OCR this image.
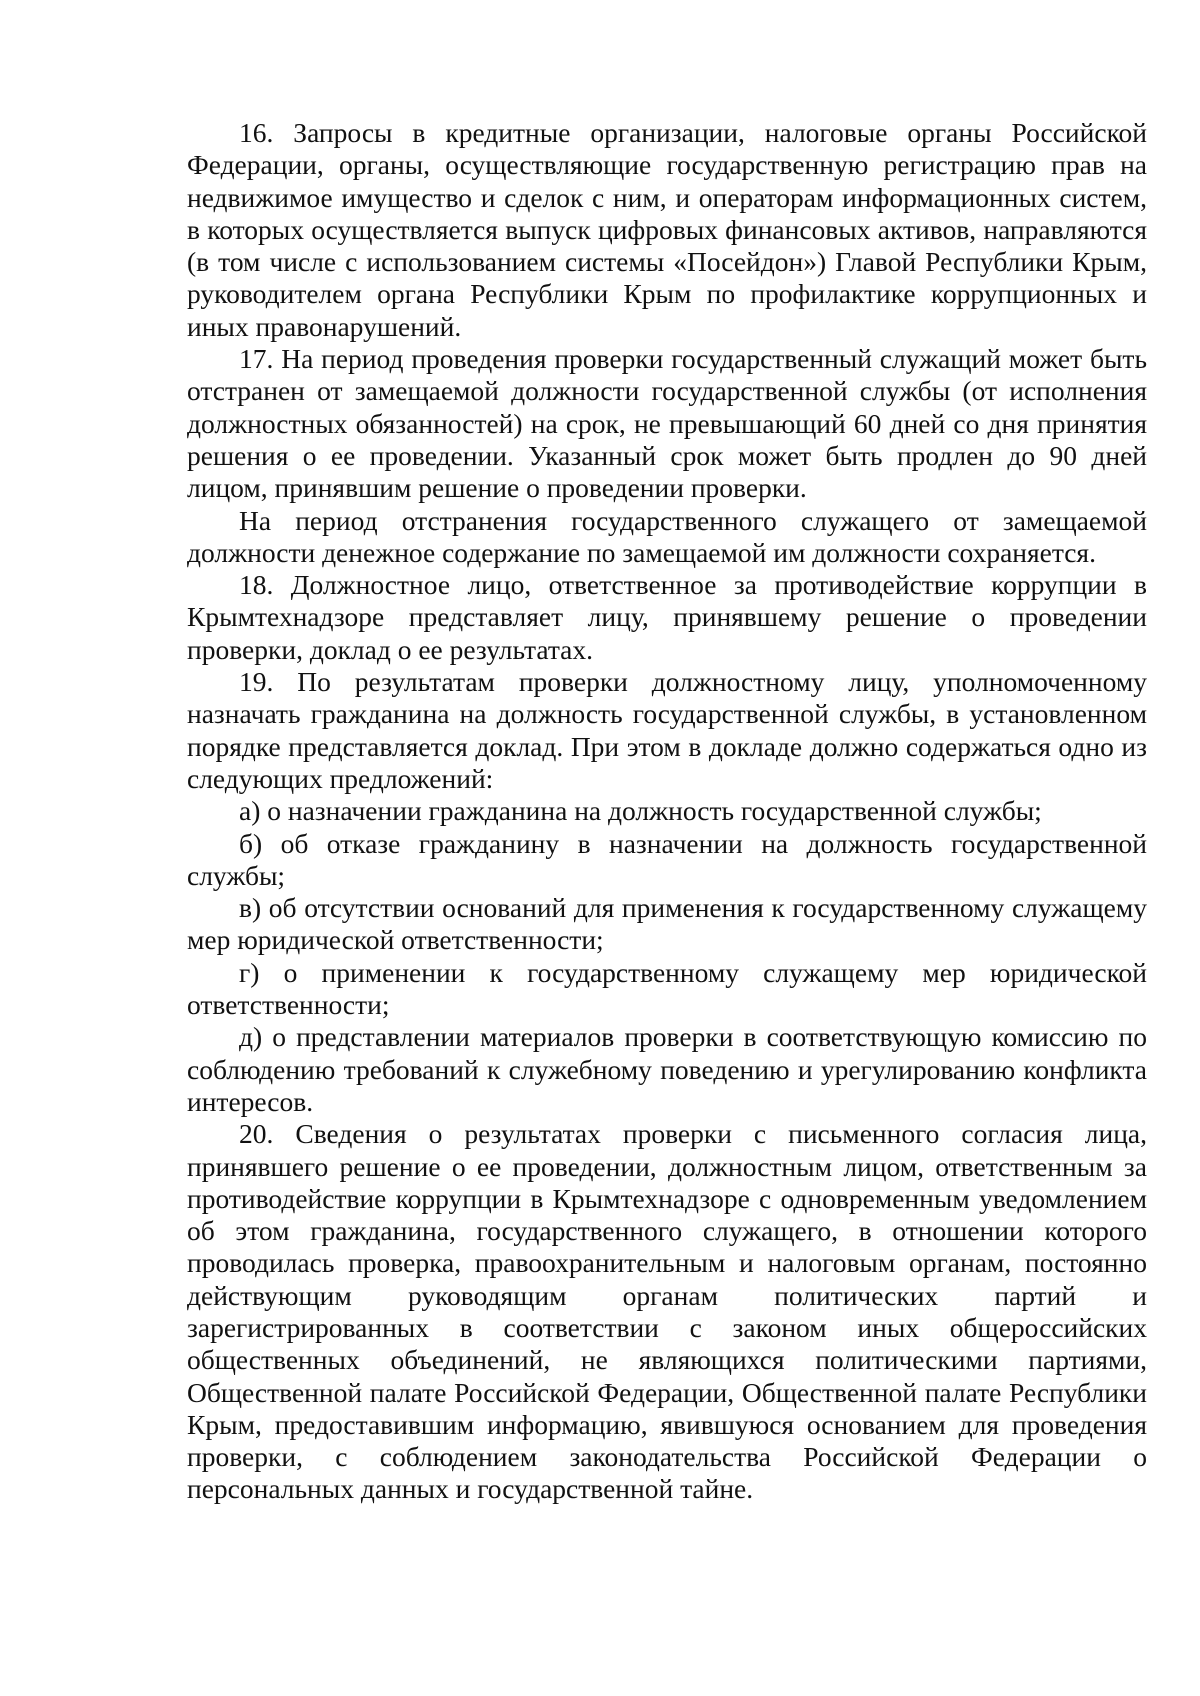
16. Запросы в кредитные организации, налоговые органы Российской Федерации, органы, осуществляющие государственную регистрацию прав на недвижимое имущество и сделок с ним, и операторам информационных систем, в которых осуществляется выпуск цифровых финансовых активов, направляются (в том числе с использованием системы «Посейдон») Главой Республики Крым, руководителем органа Республики Крым по профилактике коррупционных и иных правонарушений.

17. На период проведения проверки государственный служащий может быть отстранен от замещаемой должности государственной службы (от исполнения должностных обязанностей) на срок, не превышающий 60 дней со дня принятия решения о ее проведении. Указанный срок может быть продлен до 90 дней лицом, принявшим решение о проведении проверки.

На период отстранения государственного служащего от замещаемой должности денежное содержание по замещаемой им должности сохраняется.

18. Должностное лицо, ответственное за противодействие коррупции в Крымтехнадзоре представляет лицу, принявшему решение о проведении проверки, доклад о ее результатах.

19. По результатам проверки должностному лицу, уполномоченному назначать гражданина на должность государственной службы, в установленном порядке представляется доклад. При этом в докладе должно содержаться одно из следующих предложений:

а) о назначении гражданина на должность государственной службы;

б) об отказе гражданину в назначении на должность государственной службы;

в) об отсутствии оснований для применения к государственному служащему мер юридической ответственности;

г) о применении к государственному служащему мер юридической ответственности;

д) о представлении материалов проверки в соответствующую комиссию по соблюдению требований к служебному поведению и урегулированию конфликта интересов.

20. Сведения о результатах проверки с письменного согласия лица, принявшего решение о ее проведении, должностным лицом, ответственным за противодействие коррупции в Крымтехнадзоре с одновременным уведомлением об этом гражданина, государственного служащего, в отношении которого проводилась проверка, правоохранительным и налоговым органам, постоянно действующим руководящим органам политических партий и зарегистрированных в соответствии с законом иных общероссийских общественных объединений, не являющихся политическими партиями, Общественной палате Российской Федерации, Общественной палате Республики Крым, предоставившим информацию, явившуюся основанием для проведения проверки, с соблюдением законодательства Российской Федерации о персональных данных и государственной тайне.
